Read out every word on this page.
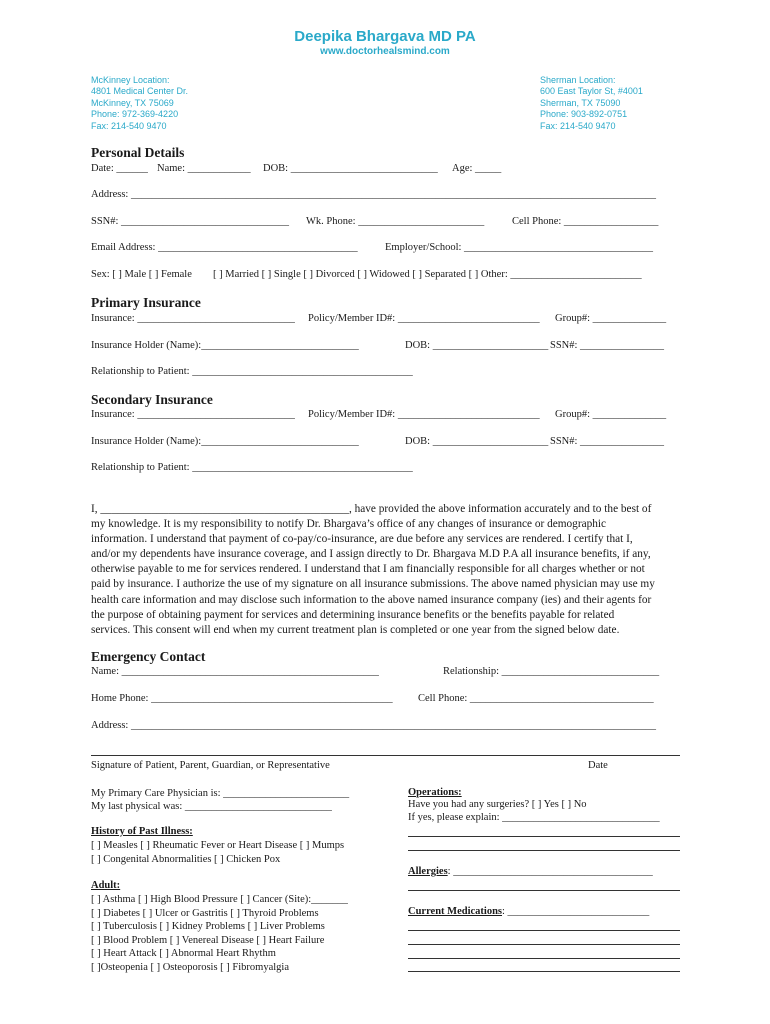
Deepika Bhargava MD PA
www.doctorhealsmind.com
McKinney Location:
4801 Medical Center Dr.
McKinney, TX 75069
Phone: 972-369-4220
Fax: 214-540 9470
Sherman Location:
600 East Taylor St, #4001
Sherman, TX 75090
Phone: 903-892-0751
Fax: 214-540 9470
Personal Details
Date: ______ Name: ____________ DOB: ____________________________ Age: _____
Address: ____________________________________________________________________________________________________
SSN#: ________________________________ Wk. Phone: ________________________	Cell Phone: __________________
Email Address: ______________________________________	Employer/School: ____________________________________
Sex: [ ] Male [ ] Female [ ] Married [ ] Single [ ] Divorced [ ] Widowed [ ] Separated [ ] Other: _________________________
Primary Insurance
Insurance: ______________________________ Policy/Member ID#: ___________________________ Group#: ______________
Insurance Holder (Name):______________________________	DOB: ______________________ SSN#: ________________
Relationship to Patient: __________________________________________
Secondary Insurance
Insurance: ______________________________ Policy/Member ID#: ___________________________ Group#: ______________
Insurance Holder (Name):______________________________	DOB: ______________________ SSN#: ________________
Relationship to Patient: __________________________________________
I, ____________________________________________, have provided the above information accurately and to the best of
my knowledge. It is my responsibility to notify Dr. Bhargava’s office of any changes of insurance or demographic
information. I understand that payment of co-pay/co-insurance, are due before any services are rendered. I certify that I,
and/or my dependents have insurance coverage, and I assign directly to Dr. Bhargava M.D P.A all insurance benefits, if any,
otherwise payable to me for services rendered. I understand that I am financially responsible for all charges whether or not
paid by insurance. I authorize the use of my signature on all insurance submissions. The above named physician may use my
health care information and may disclose such information to the above named insurance company (ies) and their agents for
the purpose of obtaining payment for services and determining insurance benefits or the benefits payable for related
services. This consent will end when my current treatment plan is completed or one year from the signed below date.
Emergency Contact
Name: _________________________________________________	Relationship: ______________________________
Home Phone: ______________________________________________ Cell Phone: ___________________________________
Address: ____________________________________________________________________________________________________
Signature of Patient, Parent, Guardian, or Representative	Date
My Primary Care Physician is: ________________________
My last physical was: ____________________________
History of Past Illness:
[ ] Measles [ ] Rheumatic Fever or Heart Disease [ ] Mumps
[ ] Congenital Abnormalities [ ] Chicken Pox
Adult:
[ ] Asthma [ ] High Blood Pressure [ ] Cancer (Site):_______
[ ] Diabetes [ ] Ulcer or Gastritis [ ] Thyroid Problems
[ ] Tuberculosis [ ] Kidney Problems [ ] Liver Problems
[ ] Blood Problem [ ] Venereal Disease [ ] Heart Failure
[ ] Heart Attack [ ] Abnormal Heart Rhythm
[ ]Osteopenia [ ] Osteoporosis [ ] Fibromyalgia
Operations:
Have you had any surgeries? [ ] Yes [ ] No
If yes, please explain: ______________________________
Allergies: ______________________________________
Current Medications: ___________________________
